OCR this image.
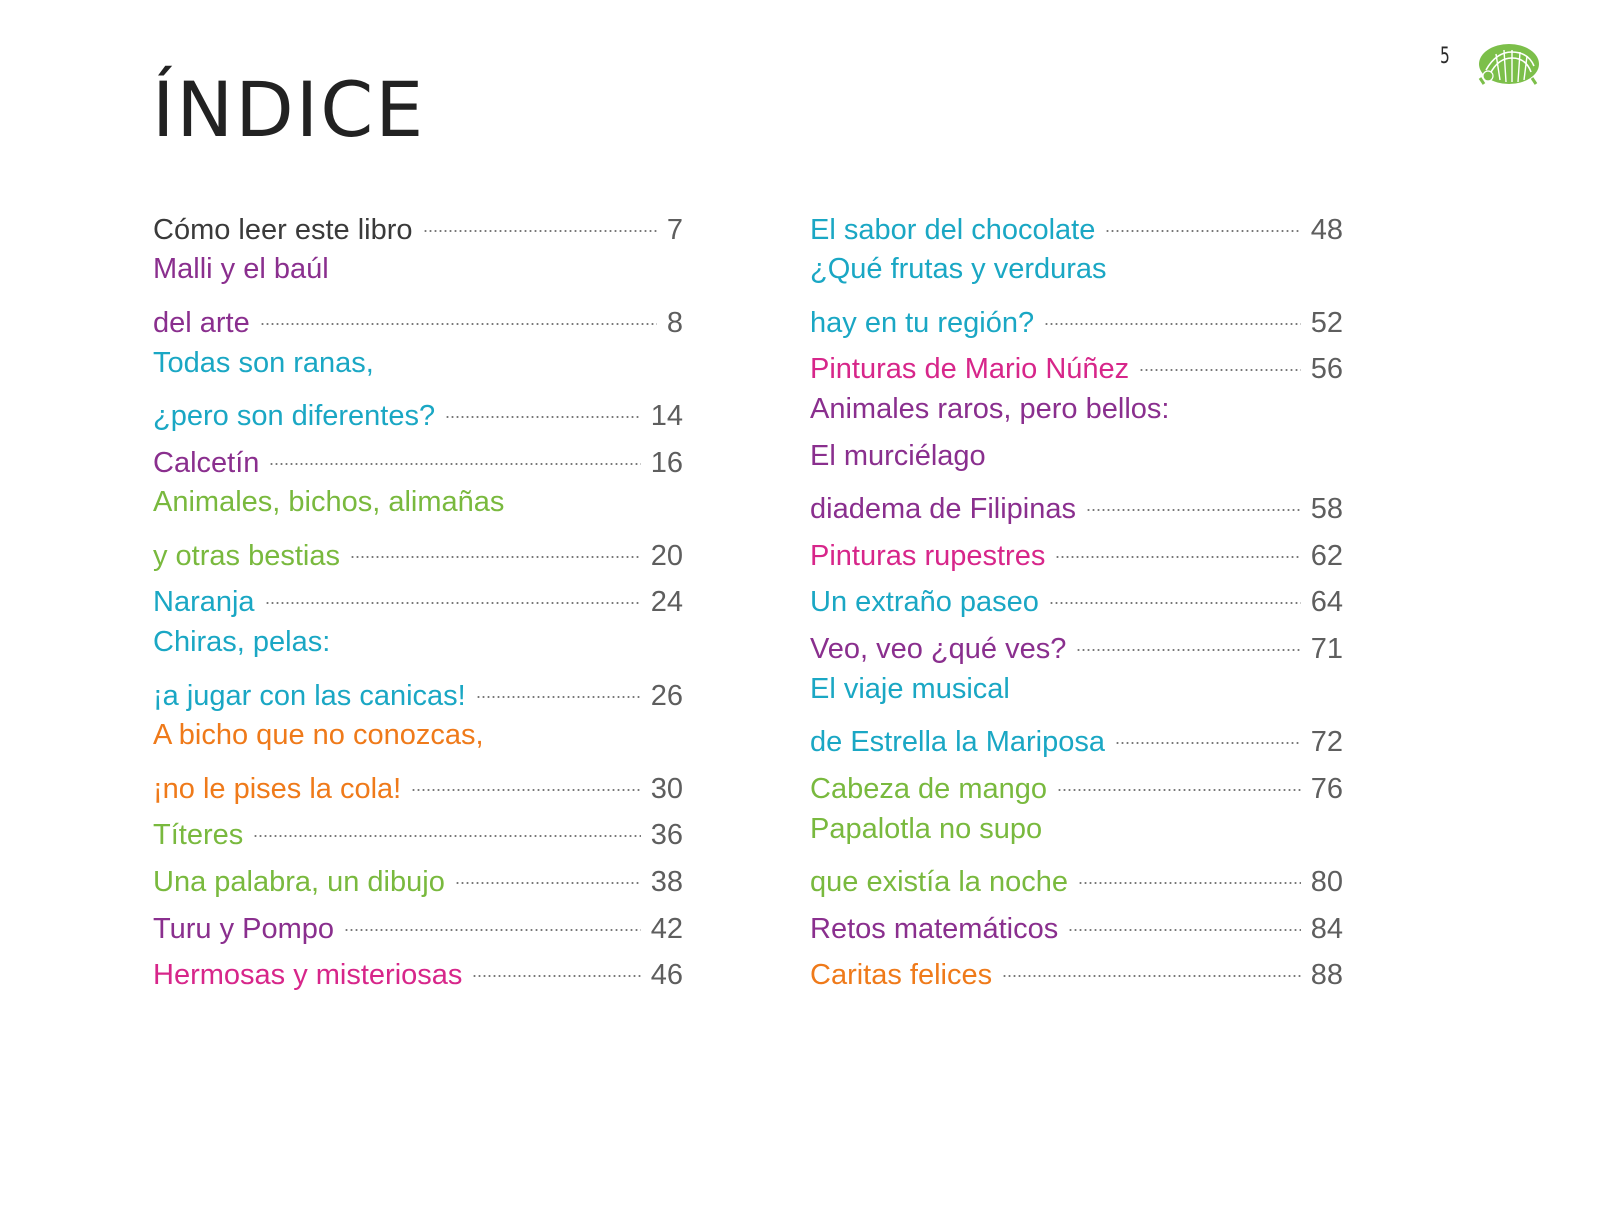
5
ÍNDICE
Cómo leer este libro	7
Malli y el baúl
del arte	8
Todas son ranas,
¿pero son diferentes?	14
Calcetín	16
Animales, bichos, alimañas
y otras bestias	20
Naranja	24
Chiras, pelas:
¡a jugar con las canicas!	26
A bicho que no conozcas,
¡no le pises la cola!	30
Títeres	36
Una palabra, un dibujo	38
Turu y Pompo	42
Hermosas y misteriosas	46
El sabor del chocolate	48
¿Qué frutas y verduras
hay en tu región?	52
Pinturas de Mario Núñez	56
Animales raros, pero bellos:
El murciélago
diadema de Filipinas	58
Pinturas rupestres	62
Un extraño paseo	64
Veo, veo ¿qué ves?	71
El viaje musical
de Estrella la Mariposa	72
Cabeza de mango	76
Papalotla no supo
que existía la noche	80
Retos matemáticos	84
Caritas felices	88
